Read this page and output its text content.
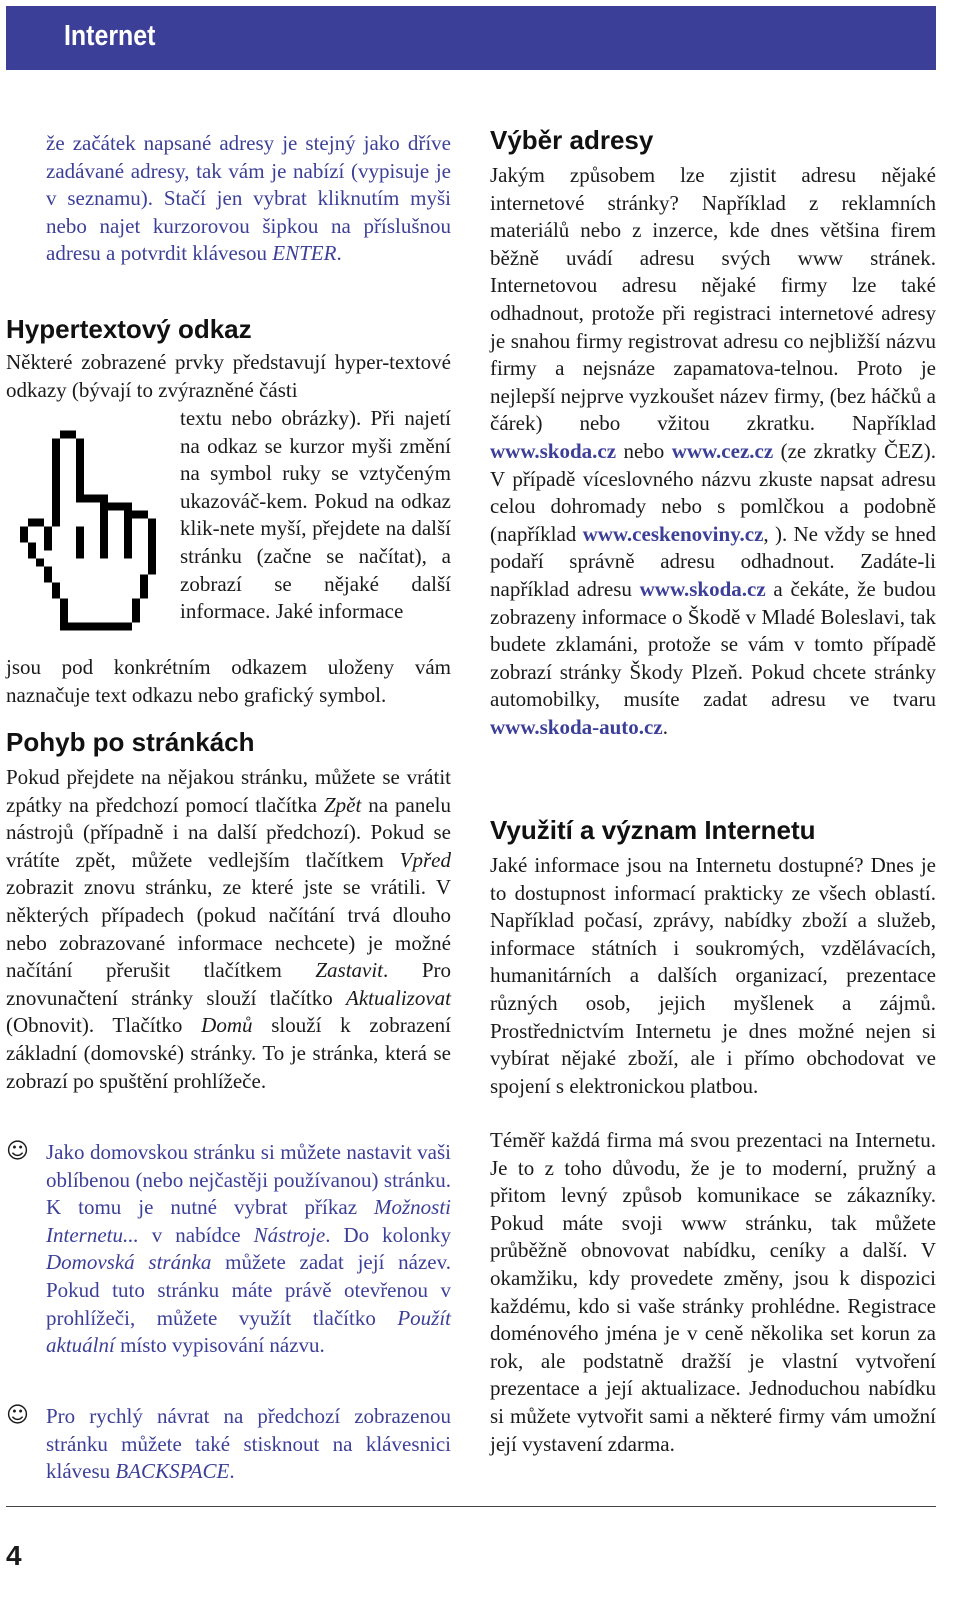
Internet

že začátek napsané adresy je stejný jako dříve zadávané adresy, tak vám je nabízí (vypisuje je v seznamu). Stačí jen vybrat kliknutím myši nebo najet kurzorovou šipkou na příslušnou adresu a potvrdit klávesou ENTER.

Hypertextový odkaz

Některé zobrazené prvky představují hyper-textové odkazy (bývají to zvýrazněné části

textu nebo obrázky). Při najetí na odkaz se kurzor myši změní na symbol ruky se vztyčeným ukazováč-kem. Pokud na odkaz klik-nete myší, přejdete na další stránku (začne se načítat), a zobrazí se nějaké další informace. Jaké informace

jsou pod konkrétním odkazem uloženy vám naznačuje text odkazu nebo grafický symbol.

Pohyb po stránkách

Pokud přejdete na nějakou stránku, můžete se vrátit zpátky na předchozí pomocí tlačítka Zpět na panelu nástrojů (případně i na další předchozí). Pokud se vrátíte zpět, můžete vedlejším tlačítkem Vpřed zobrazit znovu stránku, ze které jste se vrátili. V některých případech (pokud načítání trvá dlouho nebo zobrazované informace nechcete) je možné načítání přerušit tlačítkem Zastavit. Pro znovunačtení stránky slouží tlačítko Aktualizovat (Obnovit). Tlačítko Domů slouží k zobrazení základní (domovské) stránky. To je stránka, která se zobrazí po spuštění prohlížeče.

☺ Jako domovskou stránku si můžete nastavit vaši oblíbenou (nebo nejčastěji používanou) stránku. K tomu je nutné vybrat příkaz Možnosti Internetu... v nabídce Nástroje. Do kolonky Domovská stránka můžete zadat její název. Pokud tuto stránku máte právě otevřenou v prohlížeči, můžete využít tlačítko Použít aktuální místo vypisování názvu.

☺ Pro rychlý návrat na předchozí zobrazenou stránku můžete také stisknout na klávesnici klávesu BACKSPACE.

Výběr adresy

Jakým způsobem lze zjistit adresu nějaké internetové stránky? Například z reklamních materiálů nebo z inzerce, kde dnes většina firem běžně uvádí adresu svých www stránek. Internetovou adresu nějaké firmy lze také odhadnout, protože při registraci internetové adresy je snahou firmy registrovat adresu co nejbližší názvu firmy a nejsnáze zapamatova-telnou. Proto je nejlepší nejprve vyzkoušet název firmy, (bez háčků a čárek) nebo vžitou zkratku. Například www.skoda.cz nebo www.cez.cz (ze zkratky ČEZ). V případě víceslovného názvu zkuste napsat adresu celou dohromady nebo s pomlčkou a podobně (například www.ceskenoviny.cz, ). Ne vždy se hned podaří správně adresu odhadnout. Zadáte-li například adresu www.skoda.cz a čekáte, že budou zobrazeny informace o Škodě v Mladé Boleslavi, tak budete zklamáni, protože se vám v tomto případě zobrazí stránky Škody Plzeň. Pokud chcete stránky automobilky, musíte zadat adresu ve tvaru www.skoda-auto.cz.

Využití a význam Internetu

Jaké informace jsou na Internetu dostupné? Dnes je to dostupnost informací prakticky ze všech oblastí. Například počasí, zprávy, nabídky zboží a služeb, informace státních i soukromých, vzdělávacích, humanitárních a dalších organizací, prezentace různých osob, jejich myšlenek a zájmů. Prostřednictvím Internetu je dnes možné nejen si vybírat nějaké zboží, ale i přímo obchodovat ve spojení s elektronickou platbou.

Téměř každá firma má svou prezentaci na Internetu. Je to z toho důvodu, že je to moderní, pružný a přitom levný způsob komunikace se zákazníky. Pokud máte svoji www stránku, tak můžete průběžně obnovovat nabídku, ceníky a další. V okamžiku, kdy provedete změny, jsou k dispozici každému, kdo si vaše stránky prohlédne. Registrace doménového jména je v ceně několika set korun za rok, ale podstatně dražší je vlastní vytvoření prezentace a její aktualizace. Jednoduchou nabídku si můžete vytvořit sami a některé firmy vám umožní její vystavení zdarma.

4
